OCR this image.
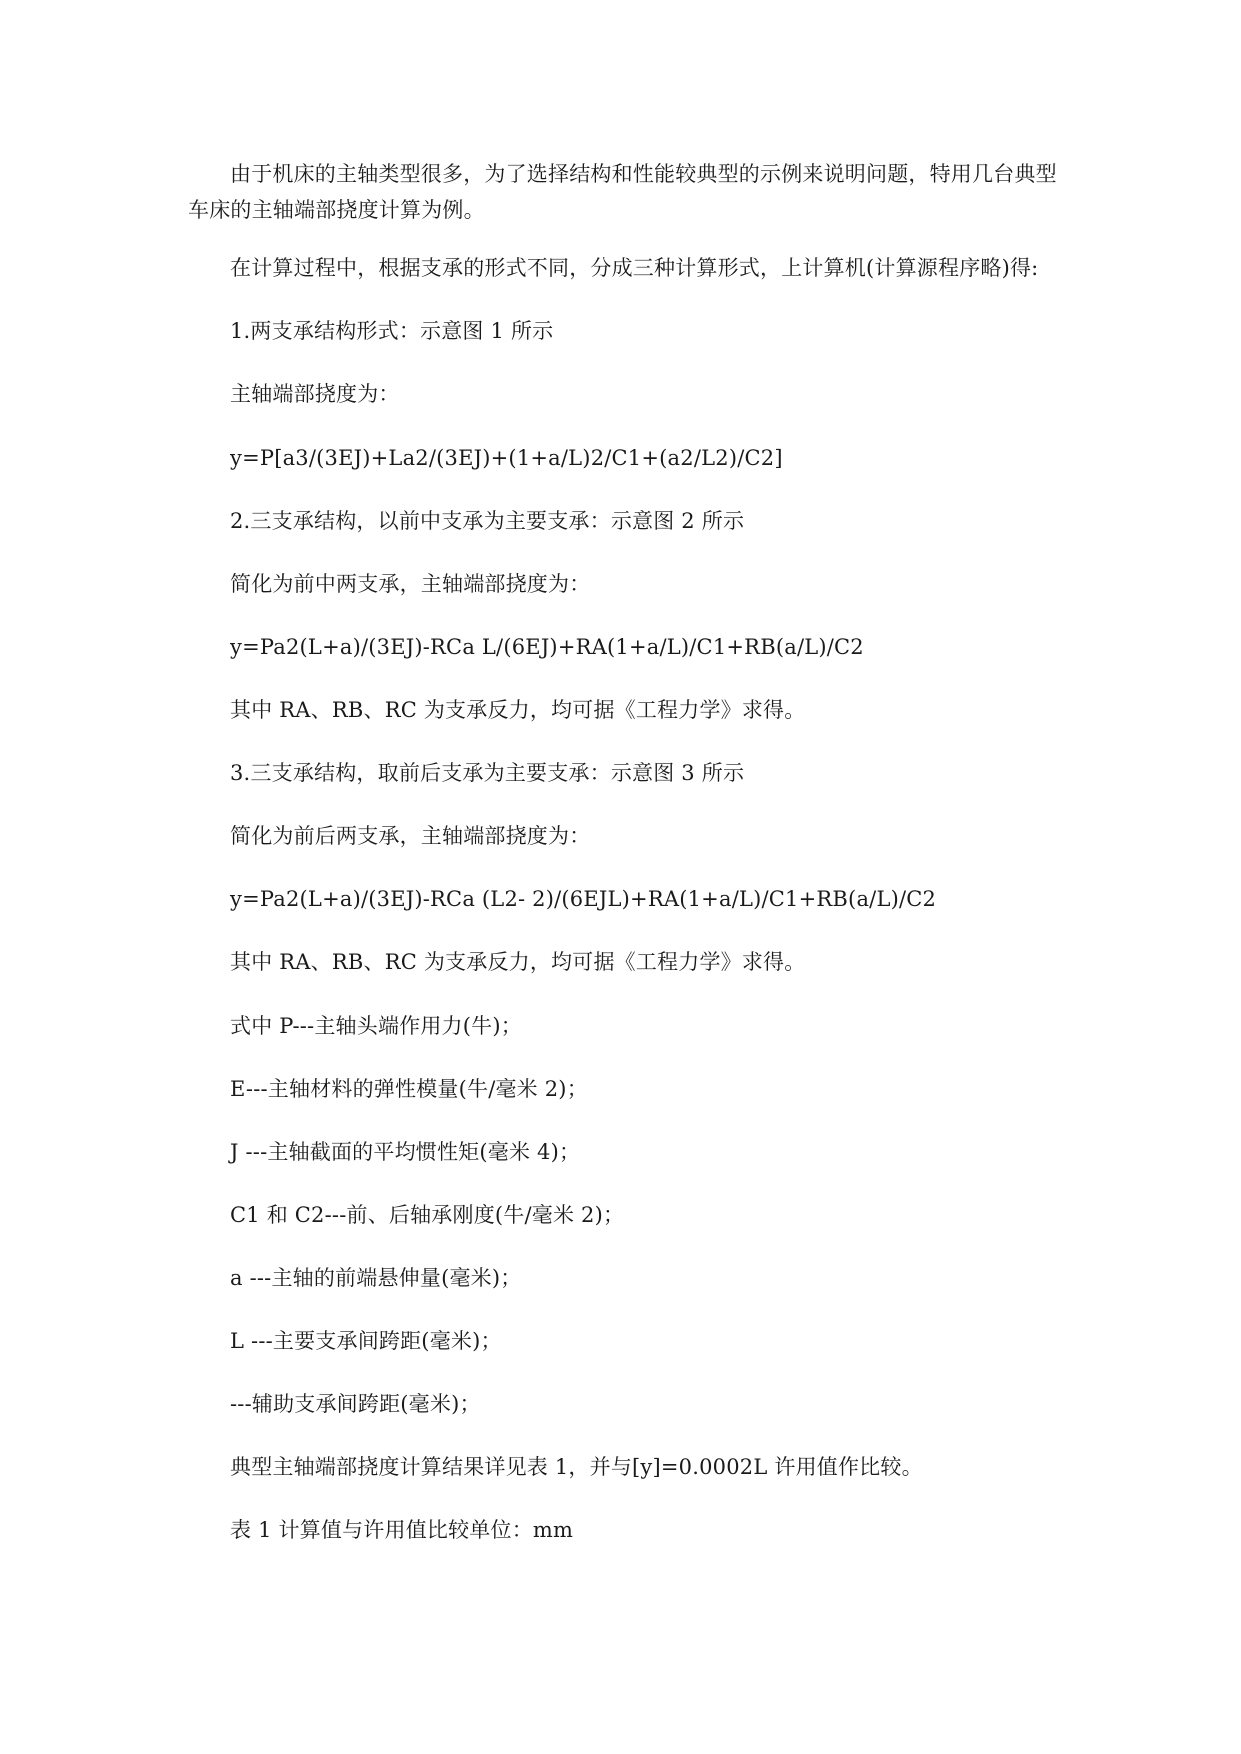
由于机床的主轴类型很多，为了选择结构和性能较典型的示例来说明问题，特用几台典型车床的主轴端部挠度计算为例。

在计算过程中，根据支承的形式不同，分成三种计算形式，上计算机(计算源程序略)得:

1.两支承结构形式：示意图 1 所示

主轴端部挠度为：

y=P[a3/(3EJ)+La2/(3EJ)+(1+a/L)2/C1+(a2/L2)/C2]

2.三支承结构，以前中支承为主要支承：示意图 2 所示

简化为前中两支承，主轴端部挠度为：

y=Pa2(L+a)/(3EJ)-RCa L/(6EJ)+RA(1+a/L)/C1+RB(a/L)/C2

其中 RA、RB、RC 为支承反力，均可据《工程力学》求得。

3.三支承结构，取前后支承为主要支承：示意图 3 所示

简化为前后两支承，主轴端部挠度为：

y=Pa2(L+a)/(3EJ)-RCa (L2- 2)/(6EJL)+RA(1+a/L)/C1+RB(a/L)/C2

其中 RA、RB、RC 为支承反力，均可据《工程力学》求得。

式中 P---主轴头端作用力(牛)；

E---主轴材料的弹性模量(牛/毫米 2)；

J ---主轴截面的平均惯性矩(毫米 4)；

C1 和 C2---前、后轴承刚度(牛/毫米 2)；

a ---主轴的前端悬伸量(毫米)；

L ---主要支承间跨距(毫米)；

---辅助支承间跨距(毫米)；

典型主轴端部挠度计算结果详见表 1，并与[y]=0.0002L 许用值作比较。

表 1 计算值与许用值比较单位：mm
